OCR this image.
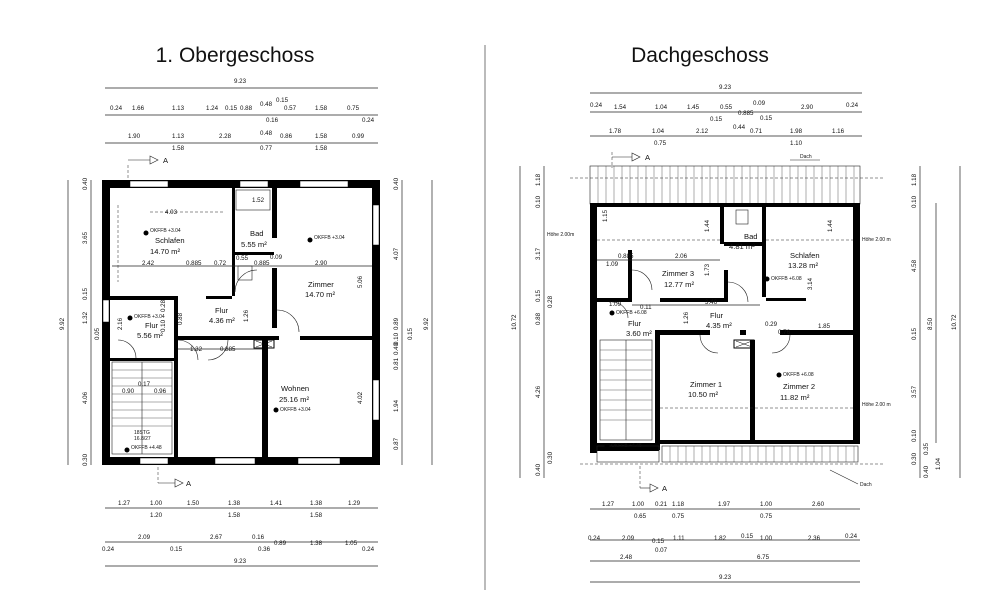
1. Obergeschoss
9.23
0.24 1.66	1.13	1.24 0.15 0.88
0.48
0.15
0.57	1.58	0.75
0.24
0.16
1.90	1.13	2.28	0.48 0.86	1.58	0.99
1.58	0.77	1.58
A
18STG
16.8/27
Schlafen
14.70 m²
Bad
5.55 m²
Zimmer
14.70 m²
Flur
4.36 m²
Flur
5.56 m²
Wohnen
25.16 m²
4.03
1.52
2.42	0.885 0.72
0.55
0.885
0.09
2.90
1.26
1.32	0.885
2.16	0.88
0.10
0.28
0.90
0.17
0.96
OKFFB +3.04
OKFFB +3.04
OKFFB +3.04
OKFFB +3.04
OKFFB +4.48
0.40
3.65
0.15
1.32
0.05
4.06
0.30
9.92
0.40
4.07
0.89
0.10
0.40
0.81
1.94
0.87
5.06
4.02
0.15
9.92
A
1.27	1.00	1.50	1.38	1.41	1.38	1.29
1.20	1.58	1.58
2.09	2.67	0.16
0.89	1.38	1.05
0.24	0.15	0.36	0.24
9.23
Dachgeschoss
9.23
0.24 1.54	1.04	1.45	0.55
0.09
0.885
2.90	0.24
0.15	0.15
1.78	1.04	2.12
0.44
0.71	1.98	1.16
0.75	1.10
A	Dach
Dach
Höhe 2.00m
Höhe 2.00 m
Höhe 2.00 m
Bad
4.81 m²
Zimmer 3
12.77 m²
Schlafen
13.28 m²
Flur
3.60 m²
Flur
4.35 m²
Zimmer 1
10.50 m²
Zimmer 2
11.82 m²
1.15
1.44	1.44
0.885	2.06
1.09	1.73
3.14
3.46
0.11
1.09
1.26
0.29
0.76
1.85
OKFFB +6.08
OKFFB +6.08
OKFFB +6.08
OKFFB +4.48
1.18
0.10
3.17
0.15 0.28
0.88
4.26
0.30
0.40
10.72
1.18
0.10
4.58
0.15
3.57
0.30
0.40
0.10
0.35
1.04
8.50	10.72
A
1.27	1.00 0.21 1.18	1.97	1.00	2.60
0.65	0.75	0.75
0.24	2.09	0.15 1.11	1.82 0.15 1.00	2.36	0.24
0.07
2.48	6.75
9.23
